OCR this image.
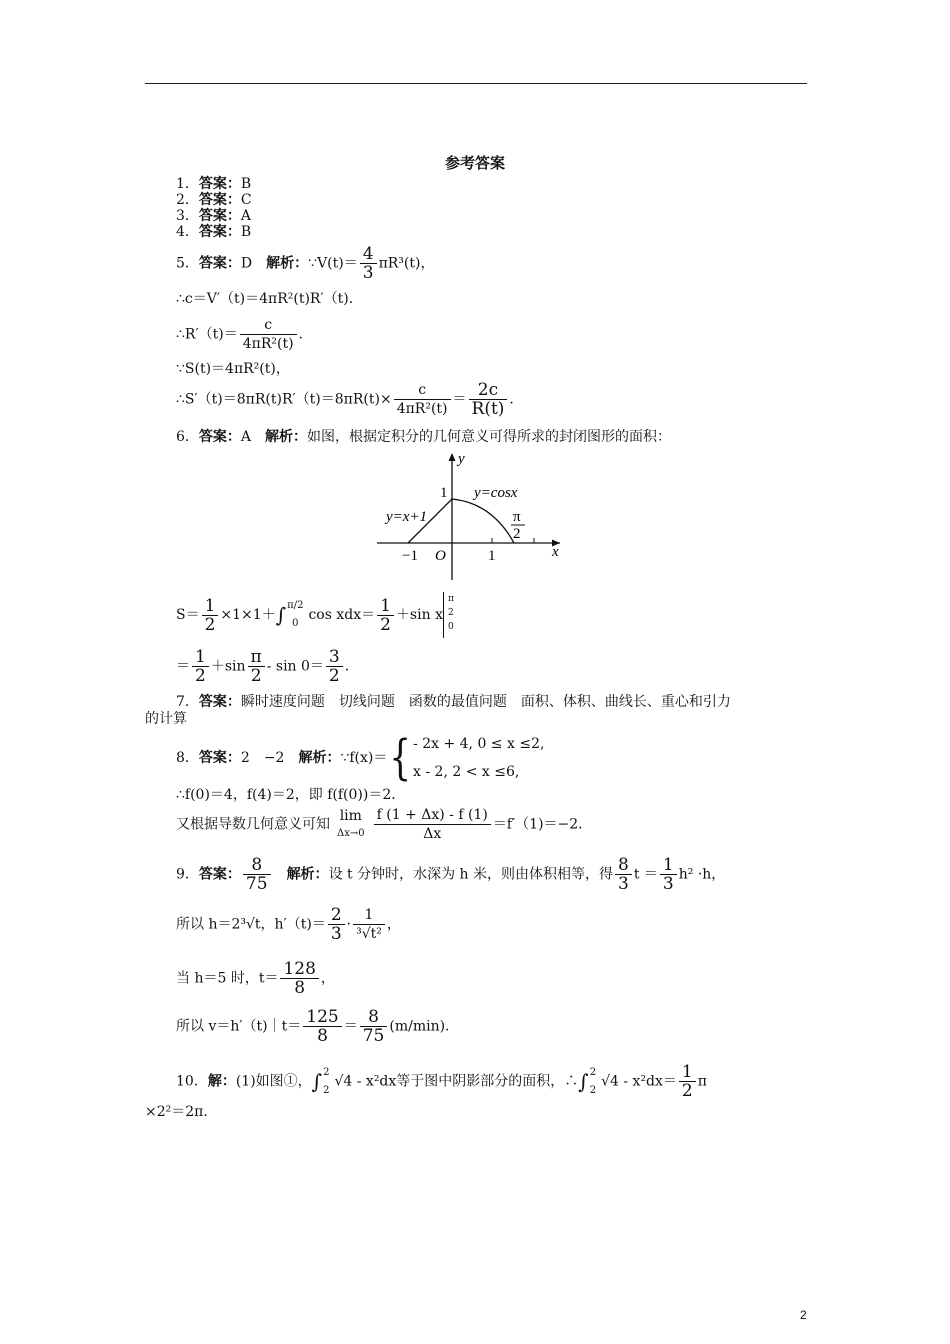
参考答案
1．答案：B
2．答案：C
3．答案：A
4．答案：B
5．答案：D　 解析：∵V(t)＝ $\frac{4}{3} \pi R^3(t)$，
∴c＝V′（t)＝4πR²(t)R′（t)．
∴R′（t)＝ $\frac{c}{\text{4πR²(t)}}$ ．
∵S(t)＝4πR²(t)，
∴S′（t)＝8πR(t)R′（t)＝8πR(t)× $\frac{c}{\text{4πR²(t)}} = \frac{2c}{R(t)}$ ．
6．答案：A　 解析：如图，根据定积分的几何意义可得所求的封闭图形的面积：
y
x
O
1 y=cosx
y=x+1	π
2
−1	1
$S= \frac{1}{2} \times 1\times 1+\int$ π/2
0
$\cos xdx= \frac{1}{2} +\sin$ x
π
2
0
＝ $\frac{1}{2} +\sin \frac{\pi}{2} - \sin 0= \frac{3}{2}$ ．
7．答案：瞬时速度问题　切线问题　函数的最值问题　面积、体积、曲线长、重心和引力
的计算
8．答案：2　−2　 解析：∵f(x)＝{ - 2x + 4, 0 ≤ x ≤2,
x - 2, 2 < x ≤6,
∴f(0)＝4，f(4)＝2，即 f(f(0))＝2．
又根据导数几何意义可知
lim
$\Delta x\to 0 \frac{f (1 + \Delta x) - f (1)}{\Delta x} =f'(1)=-2$．
9．答案： $\frac{8}{75}$
　 解析：设 t 分钟时，水深为 h 米，则由体积相等，得 $\frac{8}{3}$ $t = \frac{1}{3} h^2 \cdot h$，
所以 h＝2³√t，$h'(t)= \frac{2}{3} \cdot \frac{1}{\text{³√t²}}$ ，
当 h＝5 时，$t= \frac{128}{8}$ ，
所以 v＝h′（t)｜t＝ $\frac{125}{8} = \frac{8}{75} (m/\min)$．
10．解：(1)如图①，∫ 2
2
√4 - x²dx等于图中阴影部分的面积，∴∫ 2
2
$√4 - x^2dx= \frac{1}{2}$ π
×2²＝2π．
2
